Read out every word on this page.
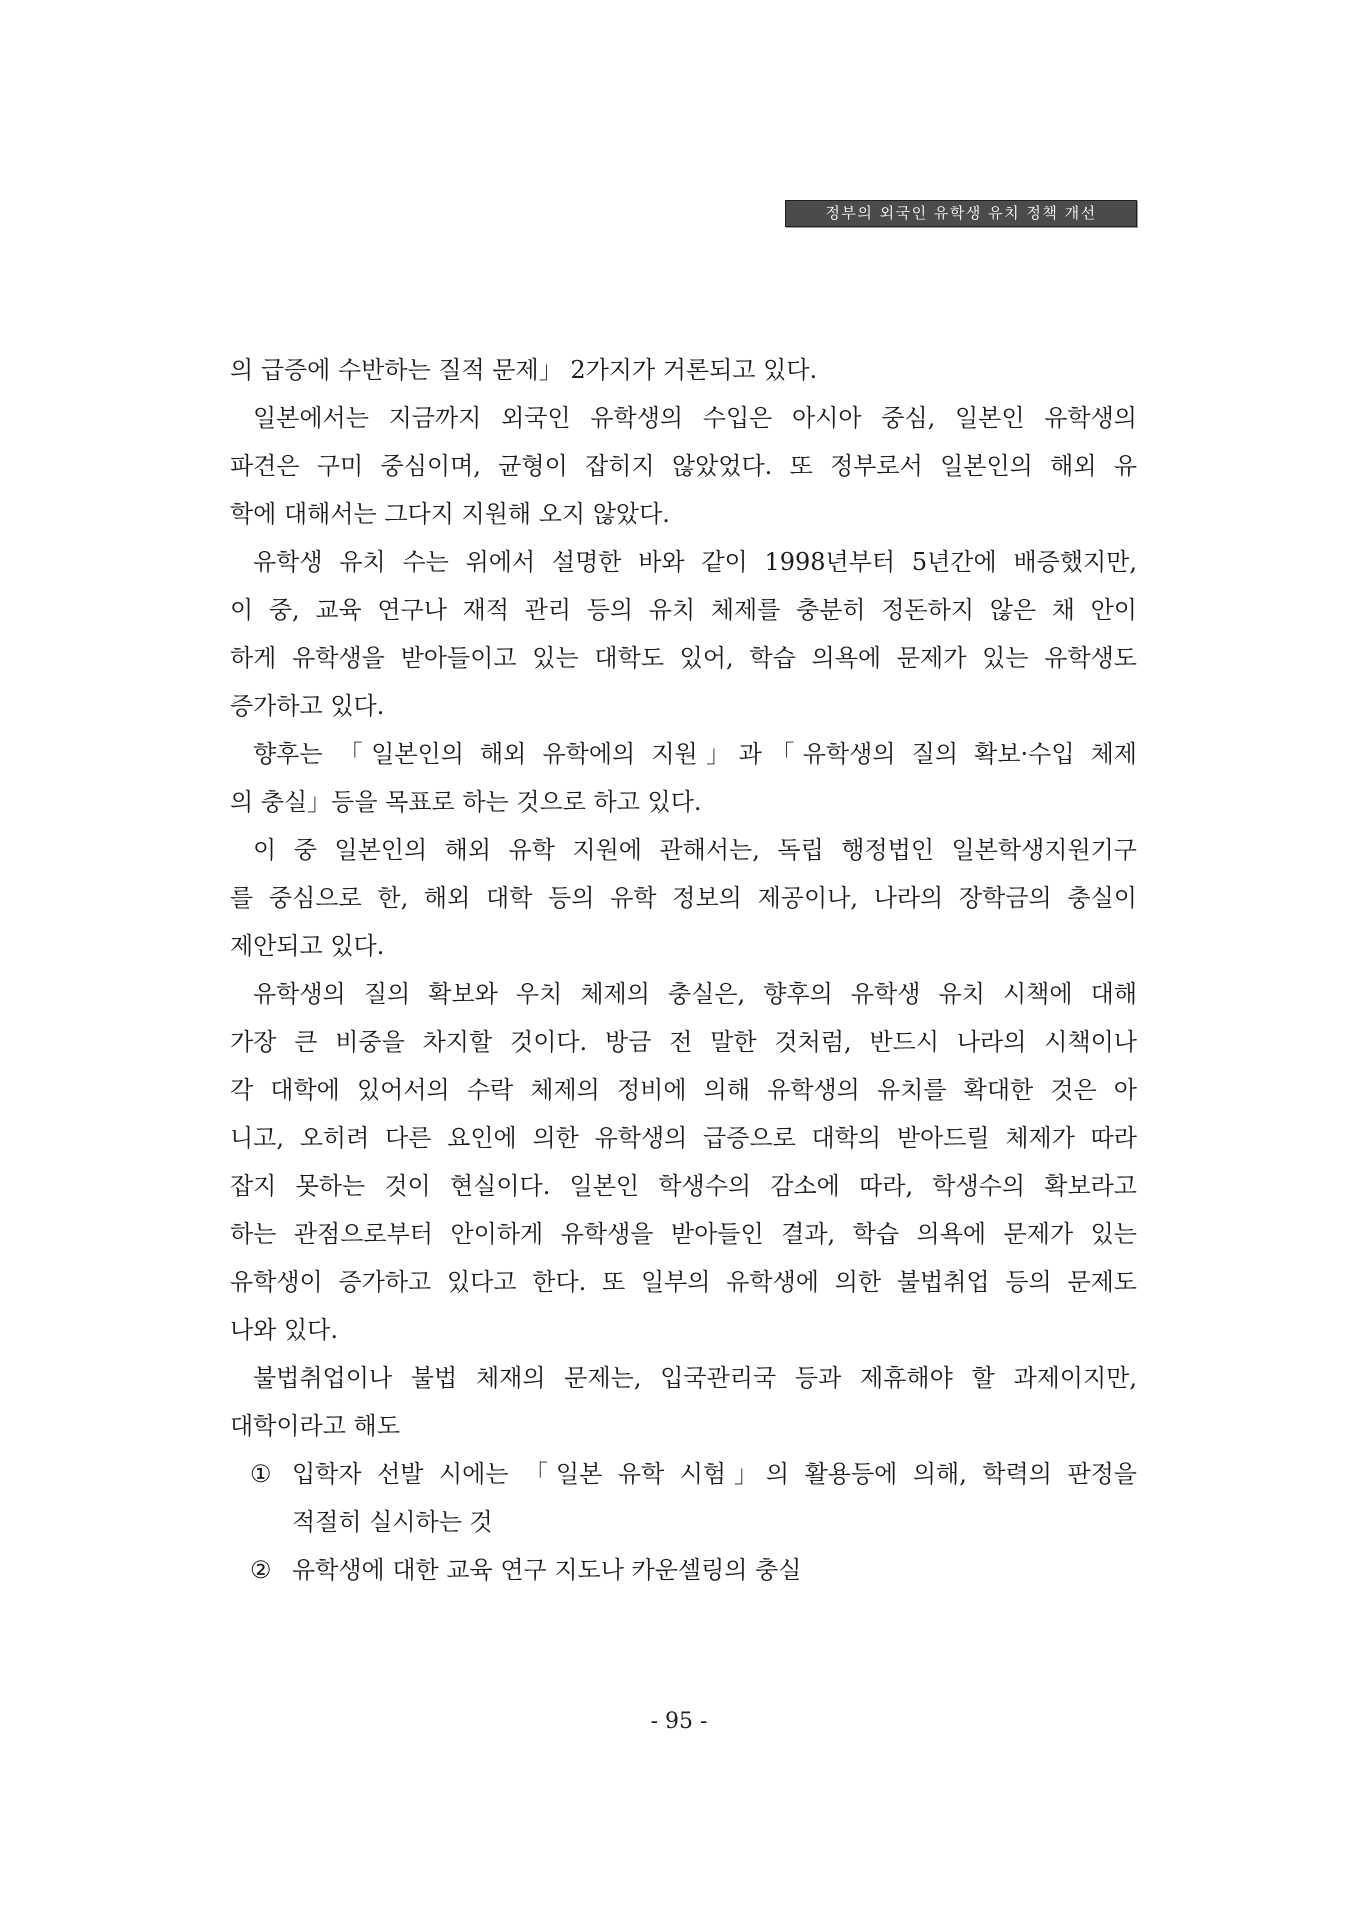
정부의 외국인 유학생 유치 정책 개선
의 급증에 수반하는 질적 문제」 2가지가 거론되고 있다.
일본에서는 지금까지 외국인 유학생의 수입은 아시아 중심, 일본인 유학생의
파견은 구미 중심이며, 균형이 잡히지 않았었다. 또 정부로서 일본인의 해외 유
학에 대해서는 그다지 지원해 오지 않았다.
유학생 유치 수는 위에서 설명한 바와 같이 1998년부터 5년간에 배증했지만,
이 중, 교육 연구나 재적 관리 등의 유치 체제를 충분히 정돈하지 않은 채 안이
하게 유학생을 받아들이고 있는 대학도 있어, 학습 의욕에 문제가 있는 유학생도
증가하고 있다.
향후는 「일본인의 해외 유학에의 지원」과「유학생의 질의 확보·수입 체제
의 충실」등을 목표로 하는 것으로 하고 있다.
이 중 일본인의 해외 유학 지원에 관해서는, 독립 행정법인 일본학생지원기구
를 중심으로 한, 해외 대학 등의 유학 정보의 제공이나, 나라의 장학금의 충실이
제안되고 있다.
유학생의 질의 확보와 우치 체제의 충실은, 향후의 유학생 유치 시책에 대해
가장 큰 비중을 차지할 것이다. 방금 전 말한 것처럼, 반드시 나라의 시책이나
각 대학에 있어서의 수락 체제의 정비에 의해 유학생의 유치를 확대한 것은 아
니고, 오히려 다른 요인에 의한 유학생의 급증으로 대학의 받아드릴 체제가 따라
잡지 못하는 것이 현실이다. 일본인 학생수의 감소에 따라, 학생수의 확보라고
하는 관점으로부터 안이하게 유학생을 받아들인 결과, 학습 의욕에 문제가 있는
유학생이 증가하고 있다고 한다. 또 일부의 유학생에 의한 불법취업 등의 문제도
나와 있다.
불법취업이나 불법 체재의 문제는, 입국관리국 등과 제휴해야 할 과제이지만,
대학이라고 해도
① 입학자 선발 시에는 「일본 유학 시험」의 활용등에 의해, 학력의 판정을
적절히 실시하는 것
② 유학생에 대한 교육 연구 지도나 카운셀링의 충실
- 95 -
